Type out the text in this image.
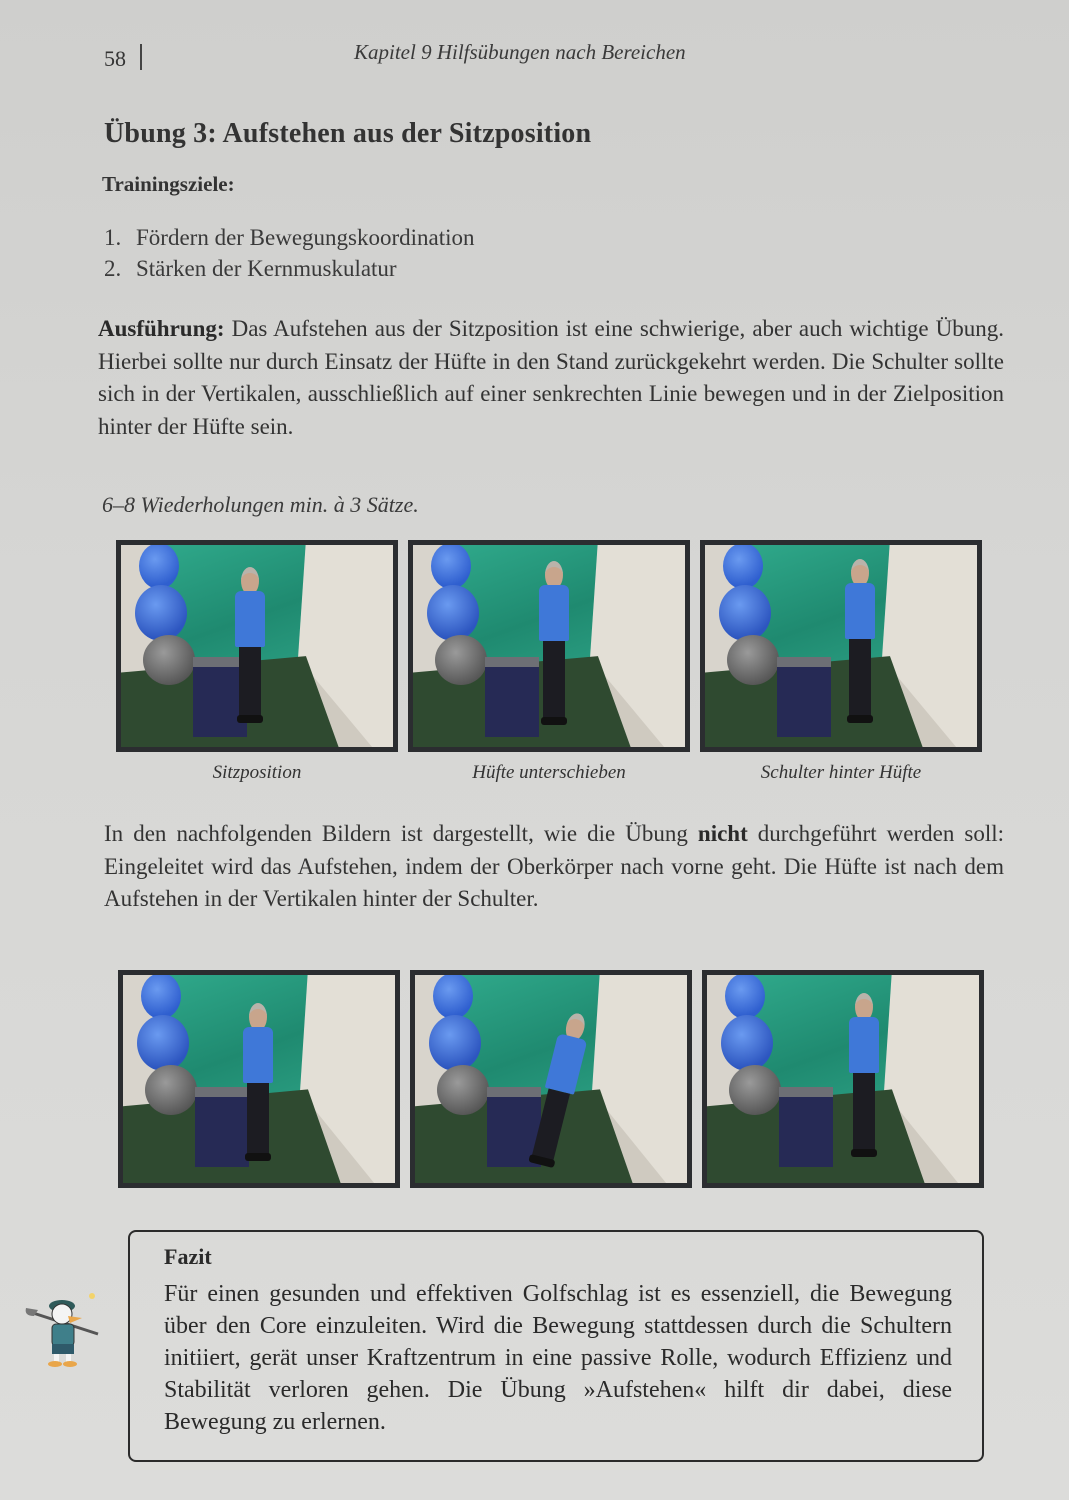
58	Kapitel 9 Hilfsübungen nach Bereichen
Übung 3: Aufstehen aus der Sitzposition
Trainingsziele:
1. Fördern der Bewegungskoordination
2. Stärken der Kernmuskulatur

Ausführung: Das Aufstehen aus der Sitzposition ist eine schwierige, aber auch wichtige Übung. Hierbei sollte nur durch Einsatz der Hüfte in den Stand zurückgekehrt werden. Die Schulter sollte sich in der Vertikalen, ausschließlich auf einer senkrechten Linie bewegen und in der Zielposition hinter der Hüfte sein.

6–8 Wiederholungen min. à 3 Sätze.
Sitzposition	Hüfte unterschieben	Schulter hinter Hüfte

In den nachfolgenden Bildern ist dargestellt, wie die Übung nicht durchgeführt werden soll: Eingeleitet wird das Aufstehen, indem der Oberkörper nach vorne geht. Die Hüfte ist nach dem Aufstehen in der Vertikalen hinter der Schulter.

Fazit
Für einen gesunden und effektiven Golfschlag ist es essenziell, die Bewegung über den Core einzuleiten. Wird die Bewegung stattdessen durch die Schultern initiiert, gerät unser Kraftzentrum in eine passive Rolle, wodurch Effizienz und Stabilität verloren gehen. Die Übung »Aufstehen« hilft dir dabei, diese Bewegung zu erlernen.
